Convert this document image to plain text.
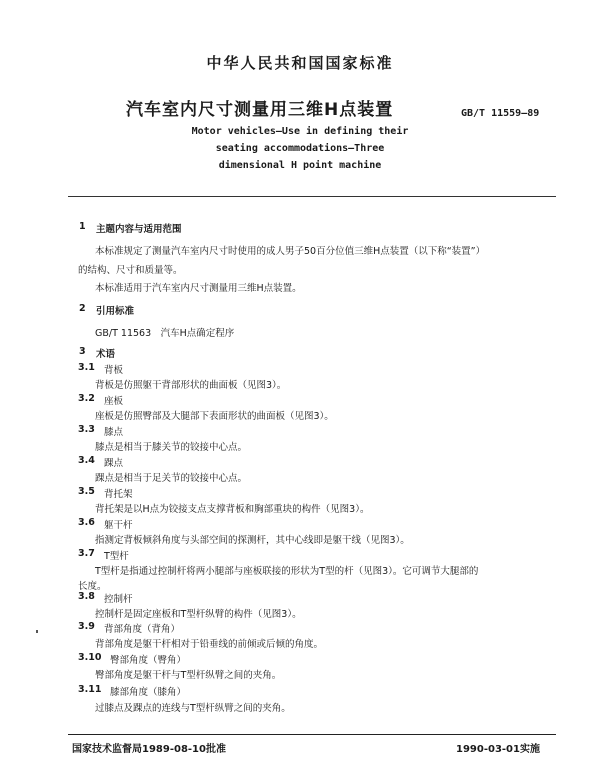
中华人民共和国国家标准
汽车室内尺寸测量用三维H点装置	GB/T 11559—89
Motor vehicles—Use in defining their
seating accommodations—Three
dimensional H point machine
1 主题内容与适用范围
本标准规定了测量汽车室内尺寸时使用的成人男子50百分位值三维H点装置（以下称“装置”）
的结构、尺寸和质量等。
本标准适用于汽车室内尺寸测量用三维H点装置。
2 引用标准
GB/T 11563　汽车H点确定程序
3 术语
3.1 背板
背板是仿照躯干背部形状的曲面板（见图3）。
3.2 座板
座板是仿照臀部及大腿部下表面形状的曲面板（见图3）。
3.3 膝点
膝点是相当于膝关节的铰接中心点。
3.4 踝点
踝点是相当于足关节的铰接中心点。
3.5 背托架
背托架是以H点为铰接支点支撑背板和胸部重块的构件（见图3）。
3.6 躯干杆
指测定背板倾斜角度与头部空间的探测杆，其中心线即是躯干线（见图3）。
3.7 T型杆
T型杆是指通过控制杆将两小腿部与座板联接的形状为T型的杆（见图3）。它可调节大腿部的
长度。
3.8 控制杆
控制杆是固定座板和T型杆纵臂的构件（见图3）。
3.9 背部角度（背角）
背部角度是躯干杆相对于铅垂线的前倾或后倾的角度。
3.10 臀部角度（臀角）
臀部角度是躯干杆与T型杆纵臂之间的夹角。
国家技术监督局1989-08-10批准	1990-03-01实施
3.11 膝部角度（膝角）
过膝点及踝点的连线与T型杆纵臂之间的夹角。
